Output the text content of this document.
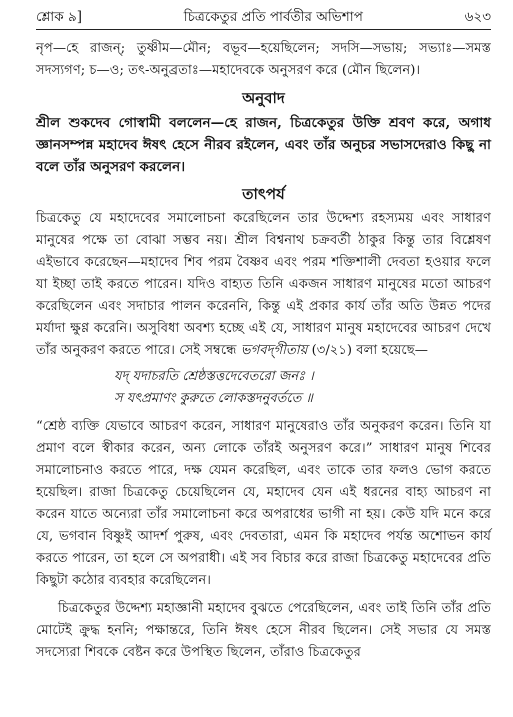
শ্লোক ৯]	চিত্রকেতুর প্রতি পার্বতীর অভিশাপ	৬২৩

নৃপ—হে রাজন্; তুষ্ণীম—মৌন; বভূব—হয়েছিলেন; সদসি—সভায়; সভ্যাঃ—সমস্ত সদস্যগণ; চ—ও; তৎ-অনুব্রতাঃ—মহাদেবকে অনুসরণ করে (মৌন ছিলেন)।

অনুবাদ

শ্রীল শুকদেব গোস্বামী বললেন—হে রাজন, চিত্রকেতুর উক্তি শ্রবণ করে, অগাধ জ্ঞানসম্পন্ন মহাদেব ঈষৎ হেসে নীরব রইলেন, এবং তাঁর অনুচর সভাসদেরাও কিছু না বলে তাঁর অনুসরণ করলেন।

তাৎপর্য

চিত্রকেতু যে মহাদেবের সমালোচনা করেছিলেন তার উদ্দেশ্য রহস্যময় এবং সাধারণ মানুষের পক্ষে তা বোঝা সম্ভব নয়। শ্রীল বিশ্বনাথ চক্রবর্তী ঠাকুর কিন্তু তার বিশ্লেষণ এইভাবে করেছেন—মহাদেব শিব পরম বৈষ্ণব এবং পরম শক্তিশালী দেবতা হওয়ার ফলে যা ইচ্ছা তাই করতে পারেন। যদিও বাহ্যত তিনি একজন সাধারণ মানুষের মতো আচরণ করেছিলেন এবং সদাচার পালন করেননি, কিন্তু এই প্রকার কার্য তাঁর অতি উন্নত পদের মর্যাদা ক্ষুণ্ণ করেনি। অসুবিধা অবশ্য হচ্ছে এই যে, সাধারণ মানুষ মহাদেবের আচরণ দেখে তাঁর অনুকরণ করতে পারে। সেই সম্বন্ধে ভগবদ্‌গীতায় (৩/২১) বলা হয়েছে—

যদ্ যদাচরতি শ্রেষ্ঠস্তত্তদেবেতরো জনঃ ।
স যৎপ্রমাণং কুরুতে লোকস্তদনুবর্ততে ॥

“শ্রেষ্ঠ ব্যক্তি যেভাবে আচরণ করেন, সাধারণ মানুষেরাও তাঁর অনুকরণ করেন। তিনি যা প্রমাণ বলে স্বীকার করেন, অন্য লোকে তাঁরই অনুসরণ করে।” সাধারণ মানুষ শিবের সমালোচনাও করতে পারে, দক্ষ যেমন করেছিল, এবং তাকে তার ফলও ভোগ করতে হয়েছিল। রাজা চিত্রকেতু চেয়েছিলেন যে, মহাদেব যেন এই ধরনের বাহ্য আচরণ না করেন যাতে অন্যেরা তাঁর সমালোচনা করে অপরাধের ভাগী না হয়। কেউ যদি মনে করে যে, ভগবান বিষ্ণুই আদর্শ পুরুষ, এবং দেবতারা, এমন কি মহাদেব পর্যন্ত অশোভন কার্য করতে পারেন, তা হলে সে অপরাধী। এই সব বিচার করে রাজা চিত্রকেতু মহাদেবের প্রতি কিছুটা কঠোর ব্যবহার করেছিলেন।

চিত্রকেতুর উদ্দেশ্য মহাজ্ঞানী মহাদেব বুঝতে পেরেছিলেন, এবং তাই তিনি তাঁর প্রতি মোটেই ক্রুদ্ধ হননি; পক্ষান্তরে, তিনি ঈষৎ হেসে নীরব ছিলেন। সেই সভার যে সমস্ত সদস্যেরা শিবকে বেষ্টন করে উপস্থিত ছিলেন, তাঁরাও চিত্রকেতুর
